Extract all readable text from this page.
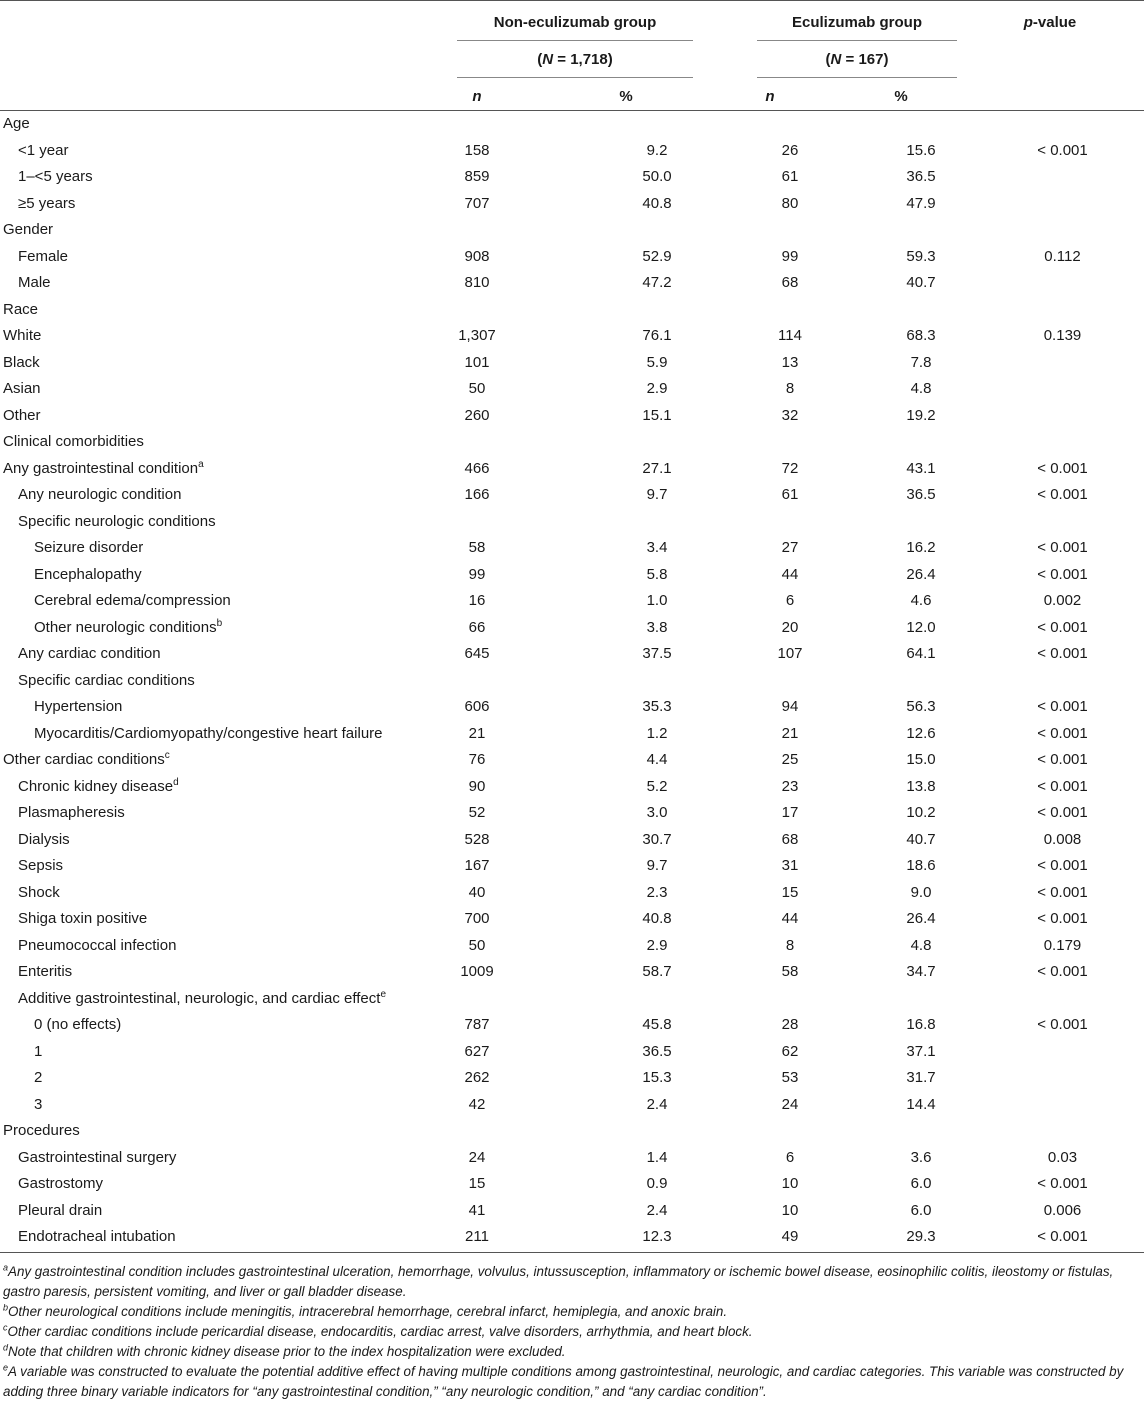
Non-eculizumab group
(N = 1,718)
Eculizumab group
(N = 167)
p-value
n	%	n	%
Age								
<1 year	158		9.2		26		15.6	< 0.001
1–<5 years	859		50.0		61		36.5	
≥5 years	707		40.8		80		47.9	
Gender								
Female	908		52.9		99		59.3	0.112
Male	810		47.2		68		40.7	
Race								
White	1,307		76.1		114		68.3	0.139
Black	101		5.9		13		7.8	
Asian	50		2.9		8		4.8	
Other	260		15.1		32		19.2	
Clinical comorbidities								
Any gastrointestinal condition$^a$	466		27.1		72		43.1	< 0.001
Any neurologic condition	166		9.7		61		36.5	< 0.001
Specific neurologic conditions								
Seizure disorder	58		3.4		27		16.2	< 0.001
Encephalopathy	99		5.8		44		26.4	< 0.001
Cerebral edema/compression	16		1.0		6		4.6	0.002
Other neurologic conditions$^b$	66		3.8		20		12.0	< 0.001
Any cardiac condition	645		37.5		107		64.1	< 0.001
Specific cardiac conditions								
Hypertension	606		35.3		94		56.3	< 0.001
Myocarditis/Cardiomyopathy/congestive heart failure	21		1.2		21		12.6	< 0.001
Other cardiac conditions$^c$	76		4.4		25		15.0	< 0.001
Chronic kidney disease$^d$	90		5.2		23		13.8	< 0.001
Plasmapheresis	52		3.0		17		10.2	< 0.001
Dialysis	528		30.7		68		40.7	0.008
Sepsis	167		9.7		31		18.6	< 0.001
Shock	40		2.3		15		9.0	< 0.001
Shiga toxin positive	700		40.8		44		26.4	< 0.001
Pneumococcal infection	50		2.9		8		4.8	0.179
Enteritis	1009		58.7		58		34.7	< 0.001
Additive gastrointestinal, neurologic, and cardiac effect$^e$								
0 (no effects)	787		45.8		28		16.8	< 0.001
1	627		36.5		62		37.1	
2	262		15.3		53		31.7	
3	42		2.4		24		14.4	
Procedures								
Gastrointestinal surgery	24		1.4		6		3.6	0.03
Gastrostomy	15		0.9		10		6.0	< 0.001
Pleural drain	41		2.4		10		6.0	0.006
Endotracheal intubation	211		12.3		49		29.3	< 0.001

$^a$Any gastrointestinal condition includes gastrointestinal ulceration, hemorrhage, volvulus, intussusception, inflammatory or ischemic bowel disease, eosinophilic colitis, ileostomy or fistulas, gastro paresis, persistent vomiting, and liver or gall bladder disease.

$^b$Other neurological conditions include meningitis, intracerebral hemorrhage, cerebral infarct, hemiplegia, and anoxic brain.

$^c$Other cardiac conditions include pericardial disease, endocarditis, cardiac arrest, valve disorders, arrhythmia, and heart block.

$^d$Note that children with chronic kidney disease prior to the index hospitalization were excluded.

$^e$A variable was constructed to evaluate the potential additive effect of having multiple conditions among gastrointestinal, neurologic, and cardiac categories. This variable was constructed by adding three binary variable indicators for “any gastrointestinal condition,” “any neurologic condition,” and “any cardiac condition”.
